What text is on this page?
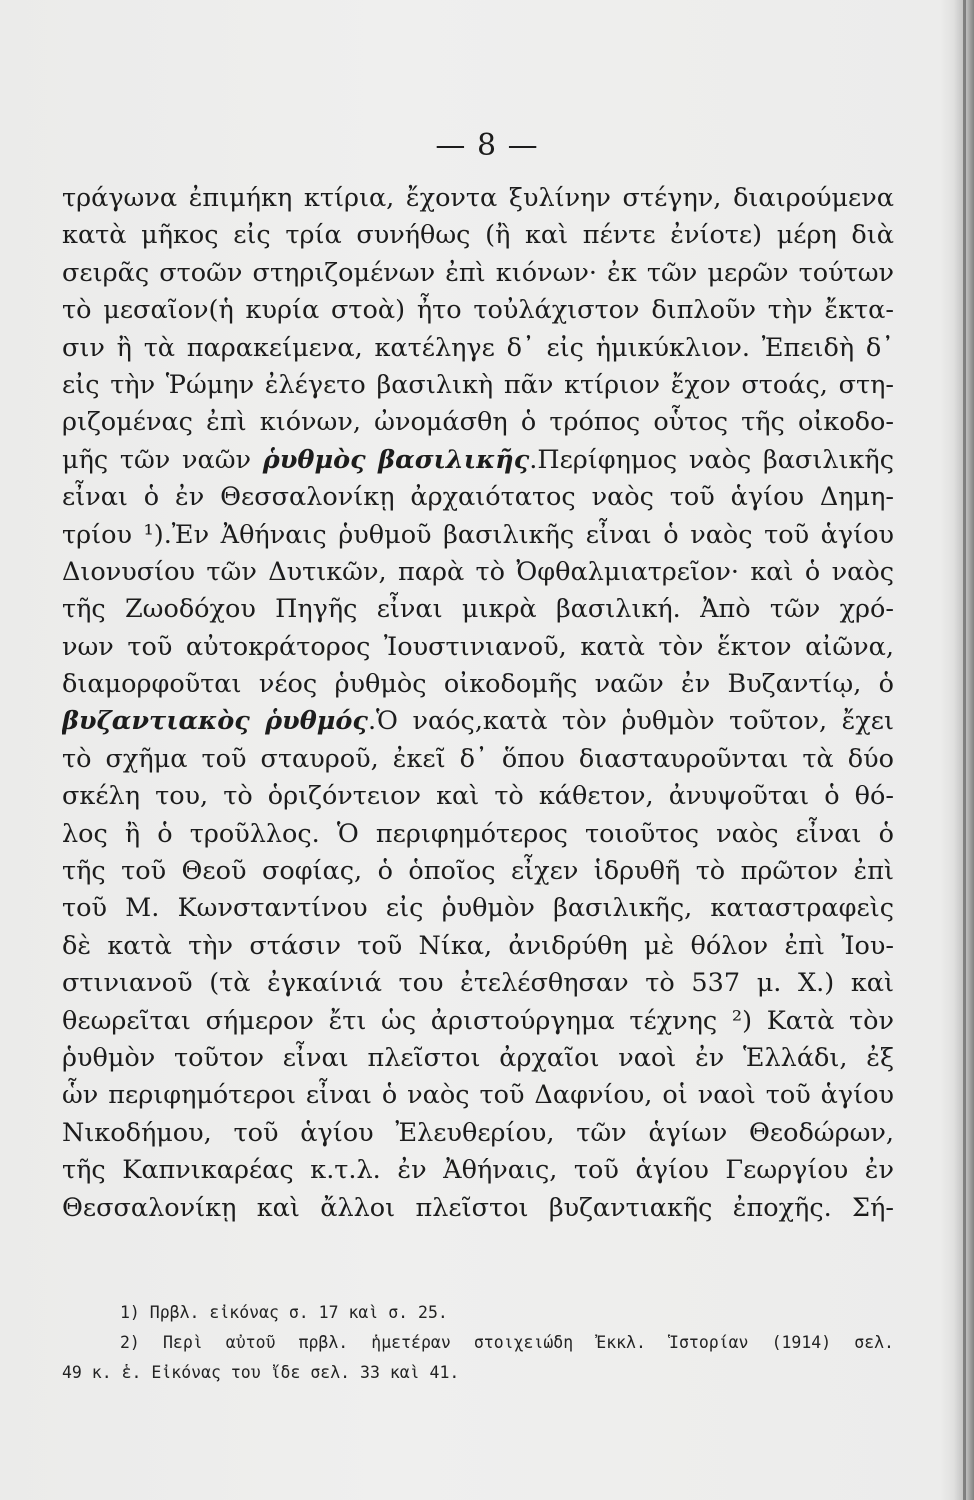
— 8 —
τράγωνα ἐπιμήκη κτίρια, ἔχοντα ξυλίνην στέγην, διαιρούμενα
κατὰ μῆκος εἰς τρία συνήθως (ἢ καὶ πέντε ἐνίοτε) μέρη διὰ
σειρᾶς στοῶν στηριζομένων ἐπὶ κιόνων· ἐκ τῶν μερῶν τούτων
τὸ μεσαῖον(ἡ κυρία στοὰ) ἦτο τοὐλάχιστον διπλοῦν τὴν ἔκτα-
σιν ἢ τὰ παρακείμενα, κατέληγε δ᾽ εἰς ἡμικύκλιον. Ἐπειδὴ δ᾽
εἰς τὴν Ῥώμην ἐλέγετο βασιλικὴ πᾶν κτίριον ἔχον στοάς, στη-
ριζομένας ἐπὶ κιόνων, ὠνομάσθη ὁ τρόπος οὗτος τῆς οἰκοδο-
μῆς τῶν ναῶν ῥυθμὸς βασιλικῆς.Περίφημος ναὸς βασιλικῆς
εἶναι ὁ ἐν Θεσσαλονίκῃ ἀρχαιότατος ναὸς τοῦ ἁγίου Δημη-
τρίου ¹).Ἐν Ἀθήναις ῥυθμοῦ βασιλικῆς εἶναι ὁ ναὸς τοῦ ἁγίου
Διονυσίου τῶν Δυτικῶν, παρὰ τὸ Ὀφθαλμιατρεῖον· καὶ ὁ ναὸς
τῆς Ζωοδόχου Πηγῆς εἶναι μικρὰ βασιλική. Ἀπὸ τῶν χρό-
νων τοῦ αὐτοκράτορος Ἰουστινιανοῦ, κατὰ τὸν ἕκτον αἰῶνα,
διαμορφοῦται νέος ῥυθμὸς οἰκοδομῆς ναῶν ἐν Βυζαντίῳ, ὁ
βυζαντιακὸς ῥυθμός.Ὁ ναός,κατὰ τὸν ῥυθμὸν τοῦτον, ἔχει
τὸ σχῆμα τοῦ σταυροῦ, ἐκεῖ δ᾽ ὅπου διασταυροῦνται τὰ δύο
σκέλη του, τὸ ὁριζόντειον καὶ τὸ κάθετον, ἀνυψοῦται ὁ θό-
λος ἢ ὁ τροῦλλος. Ὁ περιφημότερος τοιοῦτος ναὸς εἶναι ὁ
τῆς τοῦ Θεοῦ σοφίας, ὁ ὁποῖος εἶχεν ἱδρυθῆ τὸ πρῶτον ἐπὶ
τοῦ Μ. Κωνσταντίνου εἰς ῥυθμὸν βασιλικῆς, καταστραφεὶς
δὲ κατὰ τὴν στάσιν τοῦ Νίκα, ἀνιδρύθη μὲ θόλον ἐπὶ Ἰου-
στινιανοῦ (τὰ ἐγκαίνιά του ἐτελέσθησαν τὸ 537 μ. Χ.) καὶ
θεωρεῖται σήμερον ἔτι ὡς ἀριστούργημα τέχνης ²) Κατὰ τὸν
ῥυθμὸν τοῦτον εἶναι πλεῖστοι ἀρχαῖοι ναοὶ ἐν Ἑλλάδι, ἐξ
ὧν περιφημότεροι εἶναι ὁ ναὸς τοῦ Δαφνίου, οἱ ναοὶ τοῦ ἁγίου
Νικοδήμου, τοῦ ἁγίου Ἐλευθερίου, τῶν ἁγίων Θεοδώρων,
τῆς Καπνικαρέας κ.τ.λ. ἐν Ἀθήναις, τοῦ ἁγίου Γεωργίου ἐν
Θεσσαλονίκῃ καὶ ἄλλοι πλεῖστοι βυζαντιακῆς ἐποχῆς. Σή-
1) Πρβλ. εἰκόνας σ. 17 καὶ σ. 25.
2) Περὶ αὐτοῦ πρβλ. ἡμετέραν στοιχειώδη Ἐκκλ. Ἱστορίαν (1914) σελ.
49 κ. ἑ. Εἰκόνας του ἴδε σελ. 33 καὶ 41.
